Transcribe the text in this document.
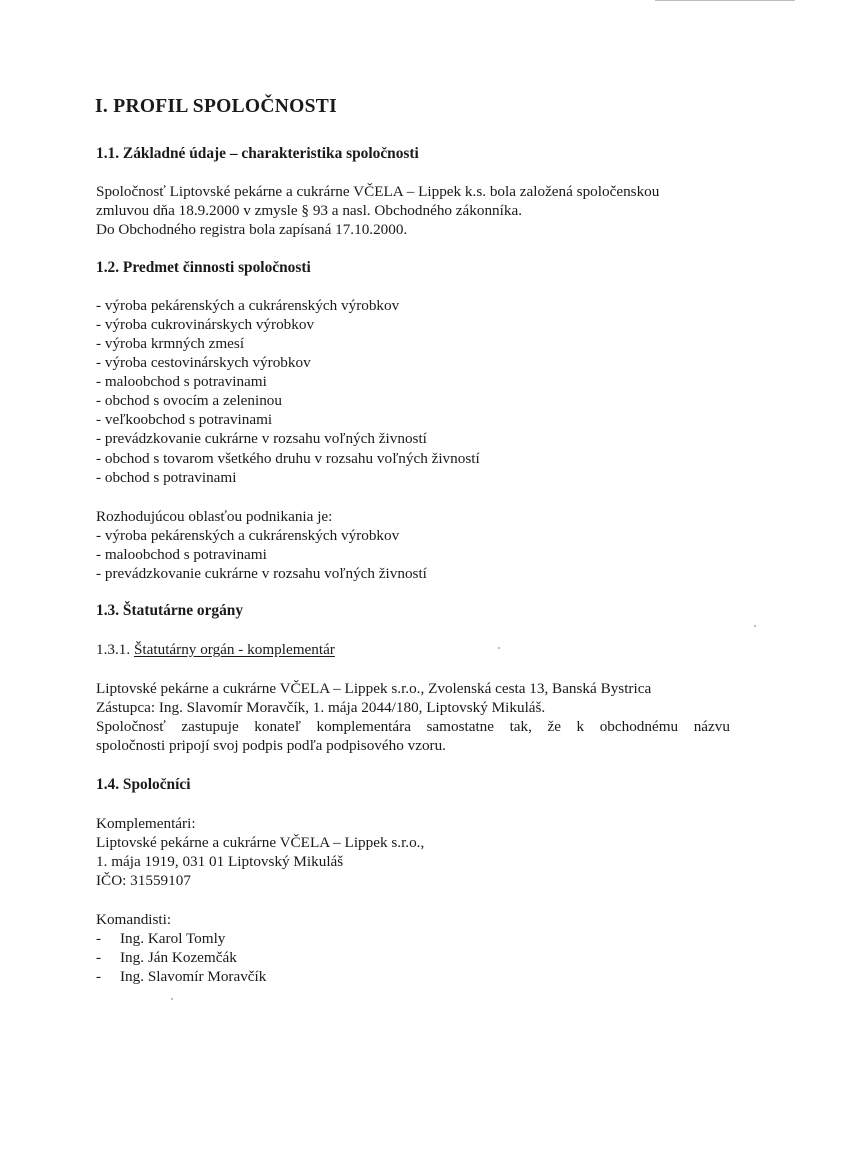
I. PROFIL SPOLOČNOSTI
1.1. Základné údaje – charakteristika spoločnosti
Spoločnosť Liptovské pekárne a cukrárne VČELA – Lippek k.s. bola založená spoločenskou
zmluvou dňa 18.9.2000 v zmysle § 93 a nasl. Obchodného zákonníka.
Do Obchodného registra bola zapísaná 17.10.2000.
1.2. Predmet činnosti spoločnosti
- výroba pekárenských a cukrárenských výrobkov
- výroba cukrovinárskych výrobkov
- výroba krmných zmesí
- výroba cestovinárskych výrobkov
- maloobchod s potravinami
- obchod s ovocím a zeleninou
- veľkoobchod s potravinami
- prevádzkovanie cukrárne v rozsahu voľných živností
- obchod s tovarom všetkého druhu v rozsahu voľných živností
- obchod s potravinami
Rozhodujúcou oblasťou podnikania je:
- výroba pekárenských a cukrárenských výrobkov
- maloobchod s potravinami
- prevádzkovanie cukrárne v rozsahu voľných živností
1.3. Štatutárne orgány
1.3.1. Štatutárny orgán - komplementár
Liptovské pekárne a cukrárne VČELA – Lippek s.r.o., Zvolenská cesta 13, Banská Bystrica
Zástupca: Ing. Slavomír Moravčík, 1. mája 2044/180, Liptovský Mikuláš.
Spoločnosť zastupuje konateľ komplementára samostatne tak, že k obchodnému názvu
spoločnosti pripojí svoj podpis podľa podpisového vzoru.
1.4. Spoločníci
Komplementári:
Liptovské pekárne a cukrárne VČELA – Lippek s.r.o.,
1. mája 1919, 031 01 Liptovský Mikuláš
IČO: 31559107
Komandisti:
- Ing. Karol Tomly
- Ing. Ján Kozemčák
- Ing. Slavomír Moravčík
